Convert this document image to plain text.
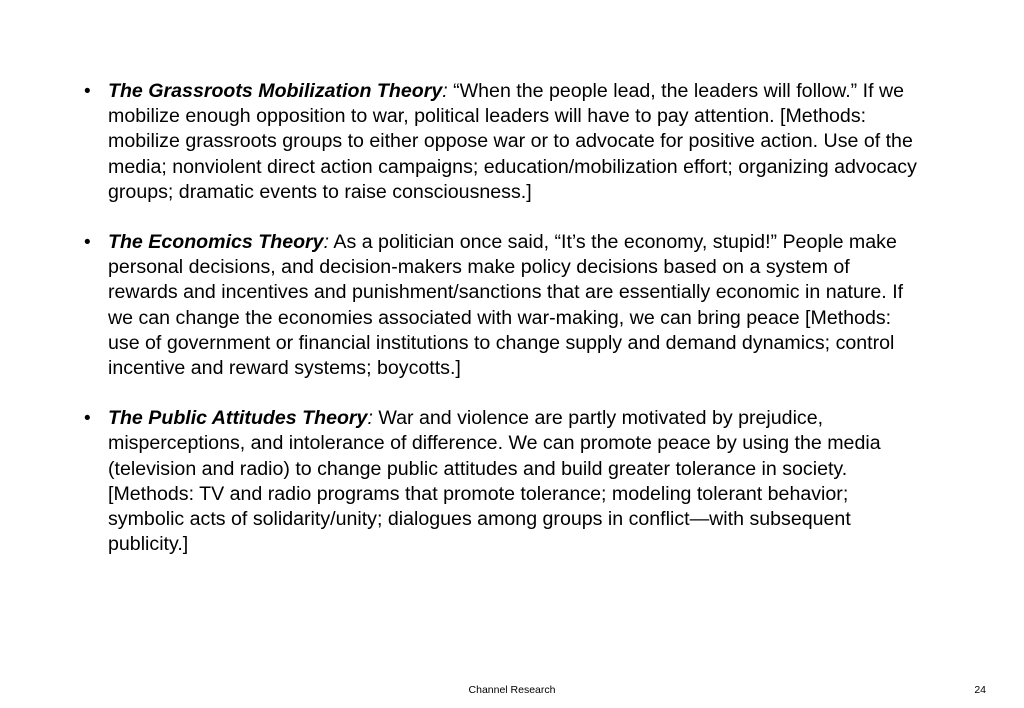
• The Grassroots Mobilization Theory: “When the people lead, the leaders will follow.” If we mobilize enough opposition to war, political leaders will have to pay attention. [Methods: mobilize grassroots groups to either oppose war or to advocate for positive action. Use of the media; nonviolent direct action campaigns; education/mobilization effort; organizing advocacy groups; dramatic events to raise consciousness.]
• The Economics Theory: As a politician once said, “It’s the economy, stupid!” People make personal decisions, and decision-makers make policy decisions based on a system of rewards and incentives and punishment/sanctions that are essentially economic in nature. If we can change the economies associated with war-making, we can bring peace [Methods: use of government or financial institutions to change supply and demand dynamics; control incentive and reward systems; boycotts.]
• The Public Attitudes Theory: War and violence are partly motivated by prejudice, misperceptions, and intolerance of difference. We can promote peace by using the media (television and radio) to change public attitudes and build greater tolerance in society. [Methods: TV and radio programs that promote tolerance; modeling tolerant behavior; symbolic acts of solidarity/unity; dialogues among groups in conflict—with subsequent publicity.]
Channel Research	24
